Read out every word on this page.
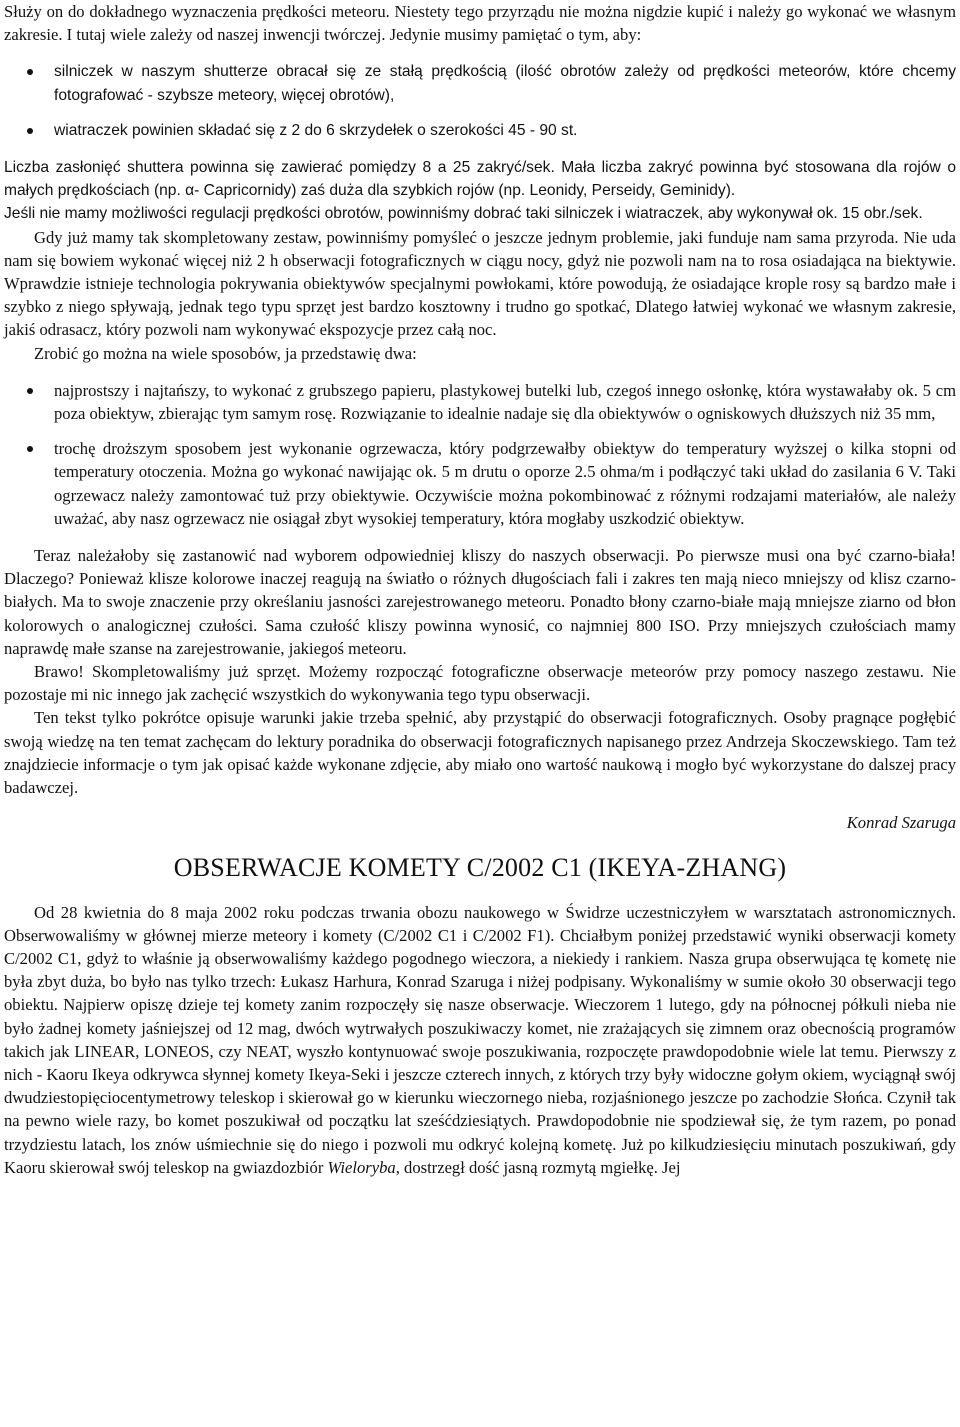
Służy on do dokładnego wyznaczenia prędkości meteoru. Niestety tego przyrządu nie można nigdzie kupić i należy go wykonać we własnym zakresie. I tutaj wiele zależy od naszej inwencji twórczej. Jedynie musimy pamiętać o tym, aby:

silniczek w naszym shutterze obracał się ze stałą prędkością (ilość obrotów zależy od prędkości meteorów, które chcemy fotografować - szybsze meteory, więcej obrotów),
wiatraczek powinien składać się z 2 do 6 skrzydełek o szerokości 45 - 90 st.

Liczba zasłonięć shuttera powinna się zawierać pomiędzy 8 a 25 zakryć/sek. Mała liczba zakryć powinna być stosowana dla rojów o małych prędkościach (np. α- Capricornidy) zaś duża dla szybkich rojów (np. Leonidy, Perseidy, Geminidy).

Jeśli nie mamy możliwości regulacji prędkości obrotów, powinniśmy dobrać taki silniczek i wiatraczek, aby wykonywał ok. 15 obr./sek.

Gdy już mamy tak skompletowany zestaw, powinniśmy pomyśleć o jeszcze jednym problemie, jaki funduje nam sama przyroda. Nie uda nam się bowiem wykonać więcej niż 2 h obserwacji fotograficznych w ciągu nocy, gdyż nie pozwoli nam na to rosa osiadająca na biektywie. Wprawdzie istnieje technologia pokrywania obiektywów specjalnymi powłokami, które powodują, że osiadające krople rosy są bardzo małe i szybko z niego spływają, jednak tego typu sprzęt jest bardzo kosztowny i trudno go spotkać, Dlatego łatwiej wykonać we własnym zakresie, jakiś odrasacz, który pozwoli nam wykonywać ekspozycje przez całą noc.

Zrobić go można na wiele sposobów, ja przedstawię dwa:

najprostszy i najtańszy, to wykonać z grubszego papieru, plastykowej butelki lub, czegoś innego osłonkę, która wystawałaby ok. 5 cm poza obiektyw, zbierając tym samym rosę. Rozwiązanie to idealnie nadaje się dla obiektywów o ogniskowych dłuższych niż 35 mm,
trochę droższym sposobem jest wykonanie ogrzewacza, który podgrzewałby obiektyw do temperatury wyższej o kilka stopni od temperatury otoczenia. Można go wykonać nawijając ok. 5 m drutu o oporze 2.5 ohma/m i podłączyć taki układ do zasilania 6 V. Taki ogrzewacz należy zamontować tuż przy obiektywie. Oczywiście można pokombinować z różnymi rodzajami materiałów, ale należy uważać, aby nasz ogrzewacz nie osiągał zbyt wysokiej temperatury, która mogłaby uszkodzić obiektyw.

Teraz należałoby się zastanowić nad wyborem odpowiedniej kliszy do naszych obserwacji. Po pierwsze musi ona być czarno-biała! Dlaczego? Ponieważ klisze kolorowe inaczej reagują na światło o różnych długościach fali i zakres ten mają nieco mniejszy od klisz czarno-białych. Ma to swoje znaczenie przy określaniu jasności zarejestrowanego meteoru. Ponadto błony czarno-białe mają mniejsze ziarno od błon kolorowych o analogicznej czułości. Sama czułość kliszy powinna wynosić, co najmniej 800 ISO. Przy mniejszych czułościach mamy naprawdę małe szanse na zarejestrowanie, jakiegoś meteoru.

Brawo! Skompletowaliśmy już sprzęt. Możemy rozpocząć fotograficzne obserwacje meteorów przy pomocy naszego zestawu. Nie pozostaje mi nic innego jak zachęcić wszystkich do wykonywania tego typu obserwacji.

Ten tekst tylko pokrótce opisuje warunki jakie trzeba spełnić, aby przystąpić do obserwacji fotograficznych. Osoby pragnące pogłębić swoją wiedzę na ten temat zachęcam do lektury poradnika do obserwacji fotograficznych napisanego przez Andrzeja Skoczewskiego. Tam też znajdziecie informacje o tym jak opisać każde wykonane zdjęcie, aby miało ono wartość naukową i mogło być wykorzystane do dalszej pracy badawczej.

Konrad Szaruga

OBSERWACJE KOMETY C/2002 C1 (IKEYA-ZHANG)

Od 28 kwietnia do 8 maja 2002 roku podczas trwania obozu naukowego w Świdrze uczestniczyłem w warsztatach astronomicznych. Obserwowaliśmy w głównej mierze meteory i komety (C/2002 C1 i C/2002 F1). Chciałbym poniżej przedstawić wyniki obserwacji komety C/2002 C1, gdyż to właśnie ją obserwowaliśmy każdego pogodnego wieczora, a niekiedy i rankiem. Nasza grupa obserwująca tę kometę nie była zbyt duża, bo było nas tylko trzech: Łukasz Harhura, Konrad Szaruga i niżej podpisany. Wykonaliśmy w sumie około 30 obserwacji tego obiektu. Najpierw opiszę dzieje tej komety zanim rozpoczęły się nasze obserwacje. Wieczorem 1 lutego, gdy na północnej półkuli nieba nie było żadnej komety jaśniejszej od 12 mag, dwóch wytrwałych poszukiwaczy komet, nie zrażających się zimnem oraz obecnością programów takich jak LINEAR, LONEOS, czy NEAT, wyszło kontynuować swoje poszukiwania, rozpoczęte prawdopodobnie wiele lat temu. Pierwszy z nich - Kaoru Ikeya odkrywca słynnej komety Ikeya-Seki i jeszcze czterech innych, z których trzy były widoczne gołym okiem, wyciągnął swój dwudziestopięciocentymetrowy teleskop i skierował go w kierunku wieczornego nieba, rozjaśnionego jeszcze po zachodzie Słońca. Czynił tak na pewno wiele razy, bo komet poszukiwał od początku lat sześćdziesiątych. Prawdopodobnie nie spodziewał się, że tym razem, po ponad trzydziestu latach, los znów uśmiechnie się do niego i pozwoli mu odkryć kolejną kometę. Już po kilkudziesięciu minutach poszukiwań, gdy Kaoru skierował swój teleskop na gwiazdozbiór Wieloryba, dostrzegł dość jasną rozmytą mgiełkę. Jej
